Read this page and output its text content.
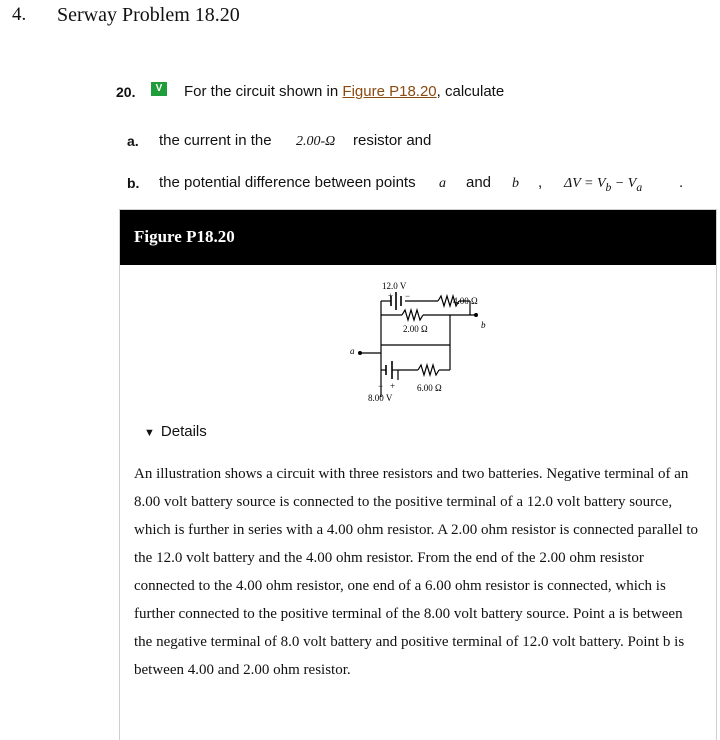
4. Serway Problem 18.20
20.	V	For the circuit shown in Figure P18.20, calculate
a. the current in the 2.00-Ω resistor and
b. the potential difference between points a and b , $\Delta V = V_b - V_a$ .
Figure P18.20
12.0 V
+ −	4.00 Ω
2.00 Ω
6.00 Ω
8.00 V
− +
a
b
▼ Details
An illustration shows a circuit with three resistors and two batteries. Negative terminal of an 8.00 volt battery source is connected to the positive terminal of a 12.0 volt battery source, which is further in series with a 4.00 ohm resistor. A 2.00 ohm resistor is connected parallel to the 12.0 volt battery and the 4.00 ohm resistor. From the end of the 2.00 ohm resistor connected to the 4.00 ohm resistor, one end of a 6.00 ohm resistor is connected, which is further connected to the positive terminal of the 8.00 volt battery source. Point a is between the negative terminal of 8.0 volt battery and positive terminal of 12.0 volt battery. Point b is between 4.00 and 2.00 ohm resistor.
